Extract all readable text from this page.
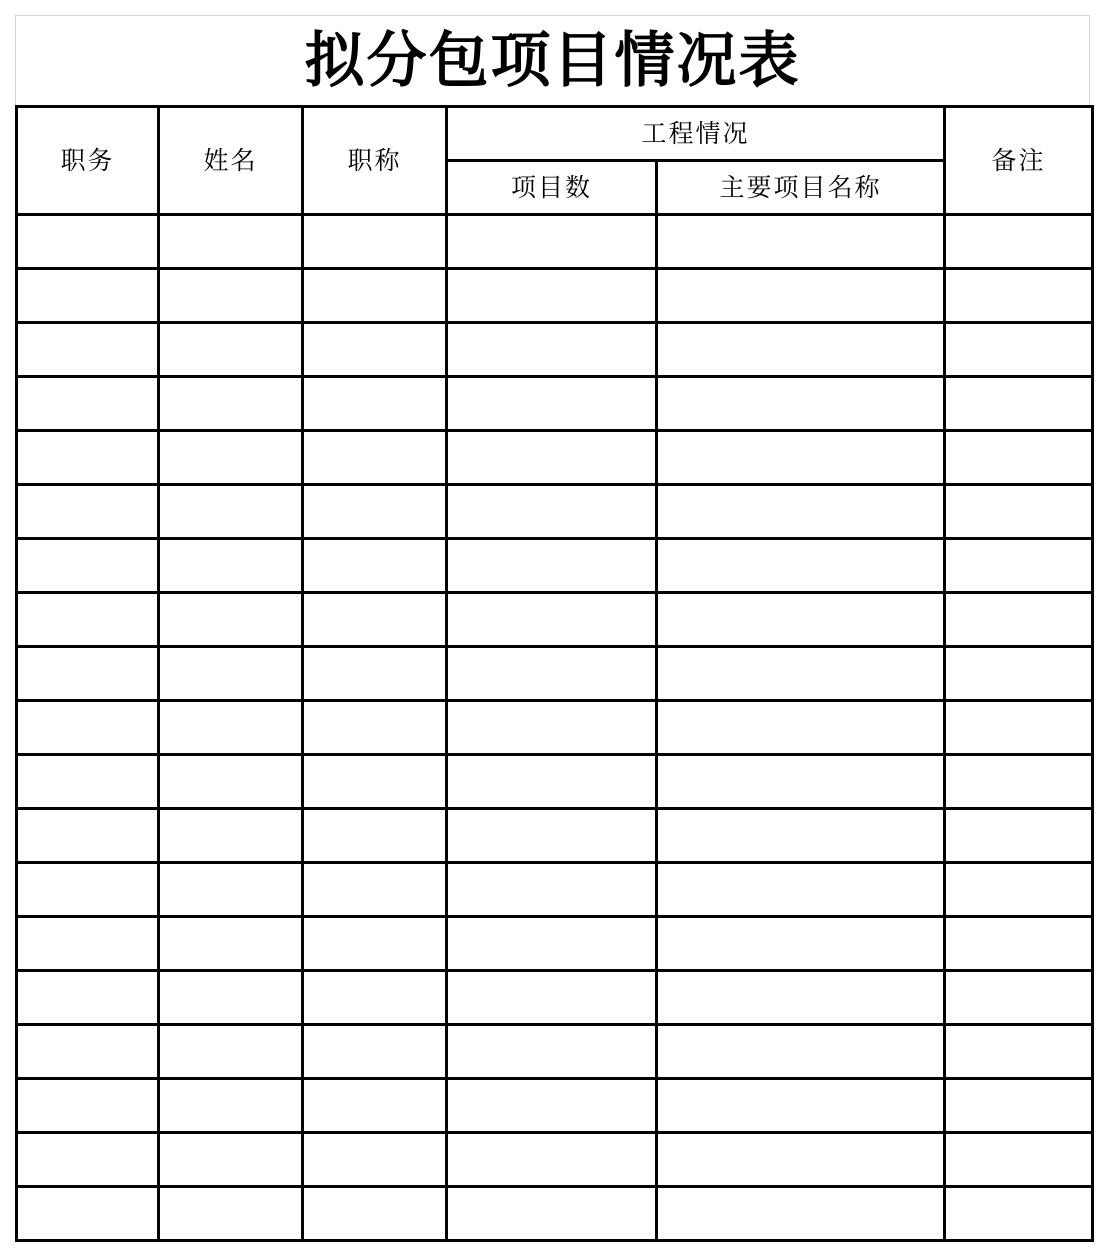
拟分包项目情况表
职务	姓名	职称	工程情况		备注
			项目数	主要项目名称	
